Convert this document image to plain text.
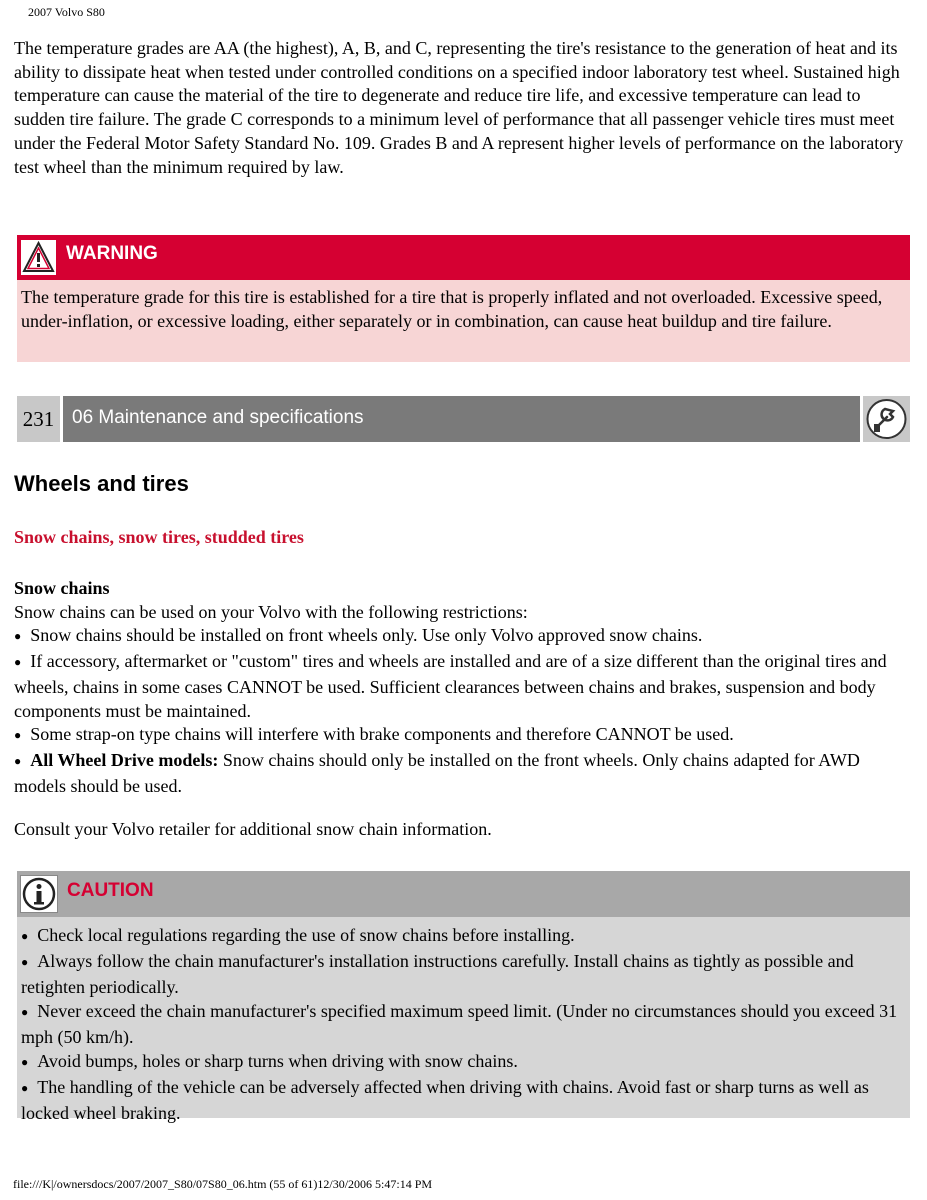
2007 Volvo S80

The temperature grades are AA (the highest), A, B, and C, representing the tire's resistance to the generation of heat and its ability to dissipate heat when tested under controlled conditions on a specified indoor laboratory test wheel. Sustained high temperature can cause the material of the tire to degenerate and reduce tire life, and excessive temperature can lead to sudden tire failure. The grade C corresponds to a minimum level of performance that all passenger vehicle tires must meet under the Federal Motor Safety Standard No. 109. Grades B and A represent higher levels of performance on the laboratory test wheel than the minimum required by law.

WARNING
The temperature grade for this tire is established for a tire that is properly inflated and not overloaded. Excessive speed, under-inflation, or excessive loading, either separately or in combination, can cause heat buildup and tire failure.
231 06 Maintenance and specifications
Wheels and tires
Snow chains, snow tires, studded tires
Snow chains
Snow chains can be used on your Volvo with the following restrictions:
● Snow chains should be installed on front wheels only. Use only Volvo approved snow chains.
● If accessory, aftermarket or "custom" tires and wheels are installed and are of a size different than the original tires and wheels, chains in some cases CANNOT be used. Sufficient clearances between chains and brakes, suspension and body components must be maintained.
● Some strap-on type chains will interfere with brake components and therefore CANNOT be used.
● All Wheel Drive models: Snow chains should only be installed on the front wheels. Only chains adapted for AWD models should be used.

Consult your Volvo retailer for additional snow chain information.

CAUTION
● Check local regulations regarding the use of snow chains before installing.
● Always follow the chain manufacturer's installation instructions carefully. Install chains as tightly as possible and retighten periodically.
● Never exceed the chain manufacturer's specified maximum speed limit. (Under no circumstances should you exceed 31 mph (50 km/h).
● Avoid bumps, holes or sharp turns when driving with snow chains.
● The handling of the vehicle can be adversely affected when driving with chains. Avoid fast or sharp turns as well as locked wheel braking.
file:///K|/ownersdocs/2007/2007_S80/07S80_06.htm (55 of 61)12/30/2006 5:47:14 PM
